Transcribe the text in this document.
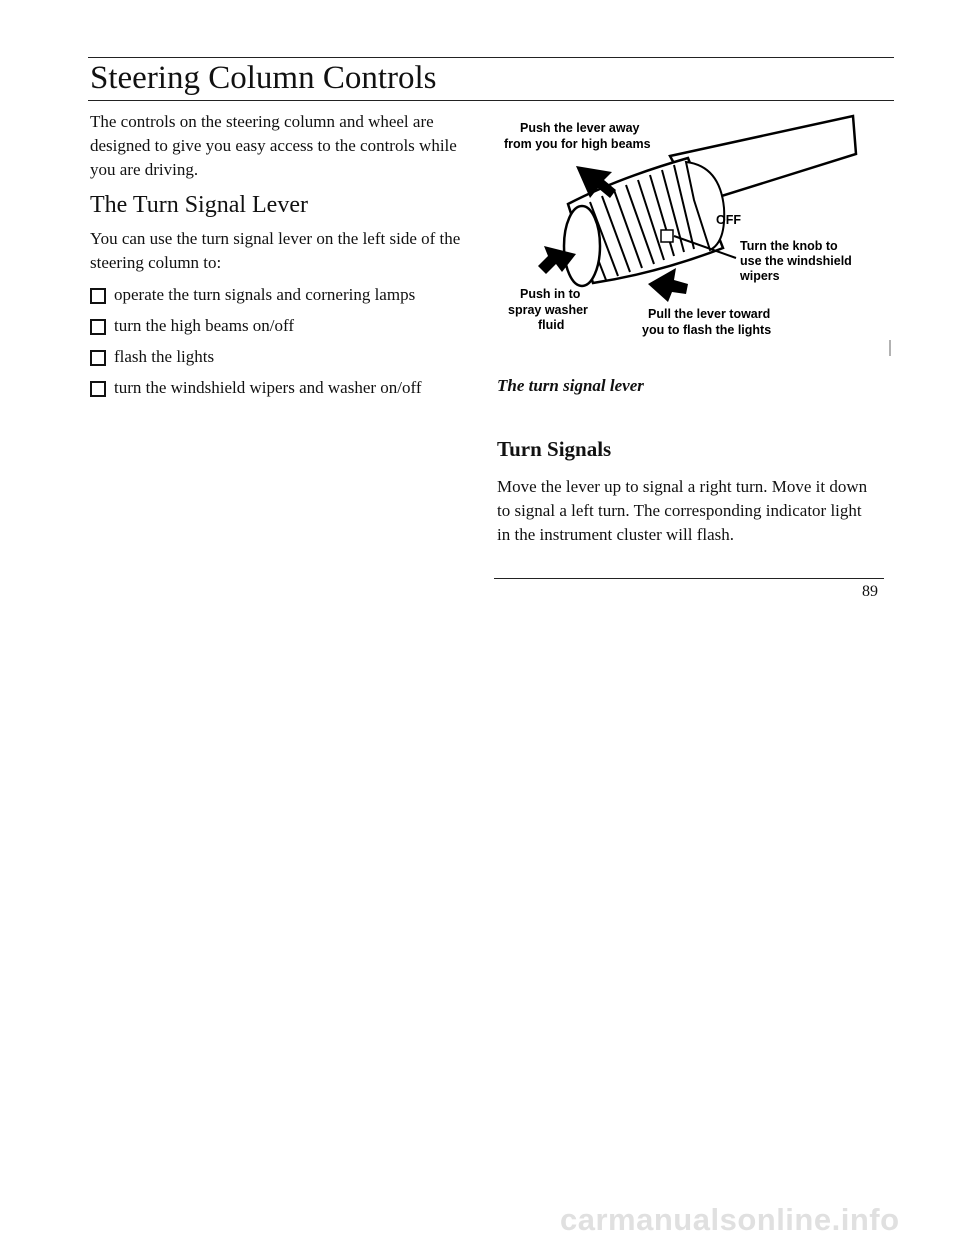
Steering Column Controls

The controls on the steering column and wheel are designed to give you easy access to the controls while you are driving.

The Turn Signal Lever

You can use the turn signal lever on the left side of the steering column to:

operate the turn signals and cornering lamps
turn the high beams on/off
flash the lights
turn the windshield wipers and washer on/off
OFF
Push the lever away
from you for high beams
Turn the knob to
use the windshield
wipers
Push in to
spray washer
fluid
Pull the lever toward
you to flash the lights
The turn signal lever
Turn Signals

Move the lever up to signal a right turn. Move it down to signal a left turn. The corresponding indicator light in the instrument cluster will flash.

89
carmanualsonline.info
